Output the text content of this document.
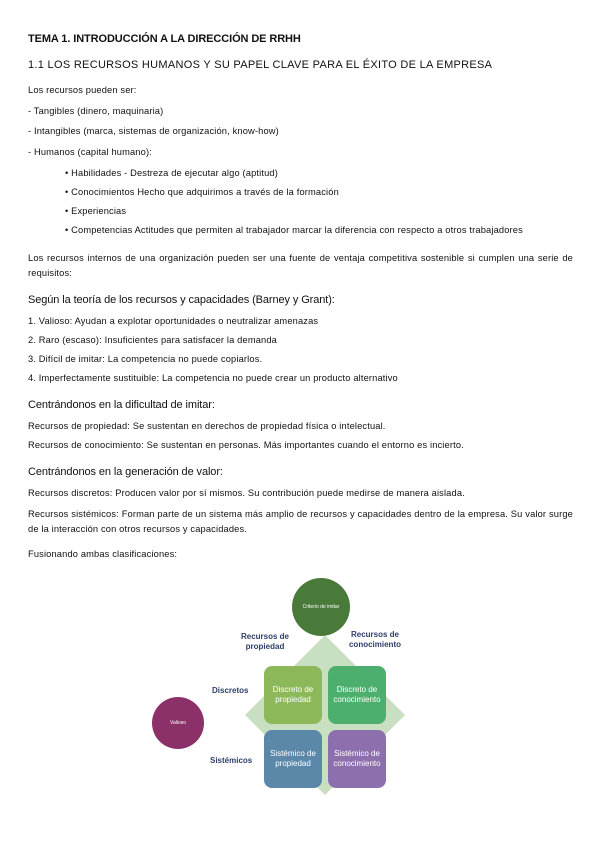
TEMA 1. INTRODUCCIÓN A LA DIRECCIÓN DE RRHH
1.1 LOS RECURSOS HUMANOS Y SU PAPEL CLAVE PARA EL ÉXITO DE LA EMPRESA
Los recursos pueden ser:
- Tangibles (dinero, maquinaria)
- Intangibles (marca, sistemas de organización, know-how)
- Humanos (capital humano):
• Habilidades - Destreza de ejecutar algo (aptitud)
• Conocimientos Hecho que adquirimos a través de la formación
• Experiencias
• Competencias Actitudes que permiten al trabajador marcar la diferencia con respecto a otros trabajadores
Los recursos internos de una organización pueden ser una fuente de ventaja competitiva sostenible si cumplen una serie de requisitos:
Según la teoría de los recursos y capacidades (Barney y Grant):
1. Valioso: Ayudan a explotar oportunidades o neutralizar amenazas
2. Raro (escaso): Insuficientes para satisfacer la demanda
3. Difícil de imitar: La competencia no puede copiarlos.
4. Imperfectamente sustituible: La competencia no puede crear un producto alternativo
Centrándonos en la dificultad de imitar:
Recursos de propiedad: Se sustentan en derechos de propiedad física o intelectual.
Recursos de conocimiento: Se sustentan en personas. Más importantes cuando el entorno es incierto.
Centrándonos en la generación de valor:
Recursos discretos: Producen valor por sí mismos. Su contribución puede medirse de manera aislada.
Recursos sistémicos: Forman parte de un sistema más amplio de recursos y capacidades dentro de la empresa. Su valor surge de la interacción con otros recursos y capacidades.
Fusionando ambas clasificaciones:
Criterio de imitar
Valioso
Recursos de propiedad
Recursos de conocimiento
Discretos
Sistémicos
Discreto de propiedad
Discreto de conocimiento
Sistémico de propiedad
Sistémico de conocimiento
